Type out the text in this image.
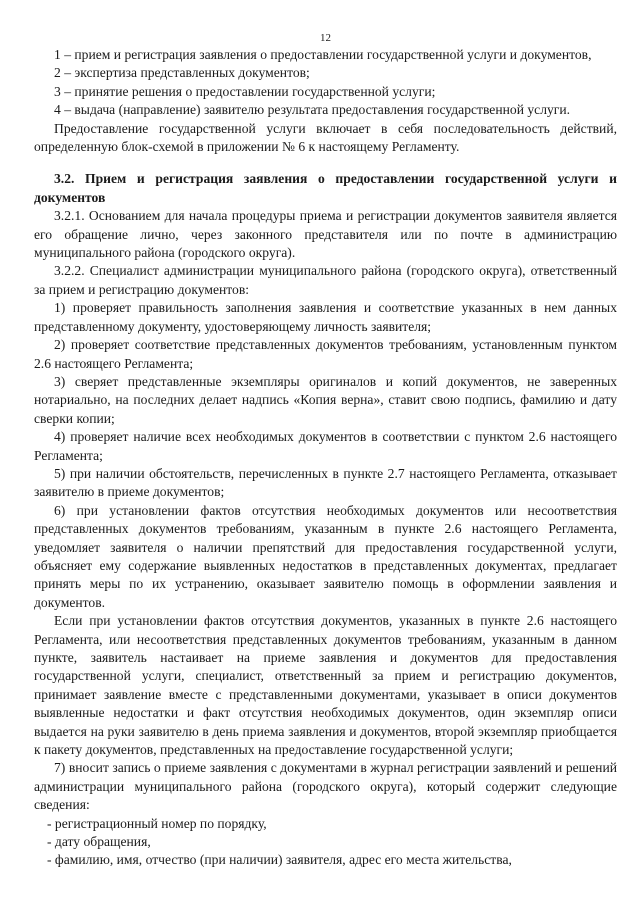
12

1 – прием и регистрация заявления о предоставлении государственной услуги и документов,

2 – экспертиза представленных документов;

3 – принятие решения о предоставлении государственной услуги;

4 – выдача (направление) заявителю результата предоставления государственной услуги.

Предоставление государственной услуги включает в себя последовательность действий, определенную блок-схемой в приложении № 6 к настоящему Регламенту.

3.2. Прием и регистрация заявления о предоставлении государственной услуги и документов

3.2.1. Основанием для начала процедуры приема и регистрации документов заявителя является его обращение лично, через законного представителя или по почте в администрацию муниципального района (городского округа).

3.2.2. Специалист администрации муниципального района (городского округа), ответственный за прием и регистрацию документов:

1) проверяет правильность заполнения заявления и соответствие указанных в нем данных представленному документу, удостоверяющему личность заявителя;

2) проверяет соответствие представленных документов требованиям, установленным пунктом 2.6 настоящего Регламента;

3) сверяет представленные экземпляры оригиналов и копий документов, не заверенных нотариально, на последних делает надпись «Копия верна», ставит свою подпись, фамилию и дату сверки копии;

4) проверяет наличие всех необходимых документов в соответствии с пунктом 2.6 настоящего Регламента;

5) при наличии обстоятельств, перечисленных в пункте 2.7 настоящего Регламента, отказывает заявителю в приеме документов;

6) при установлении фактов отсутствия необходимых документов или несоответствия представленных документов требованиям, указанным в пункте 2.6 настоящего Регламента, уведомляет заявителя о наличии препятствий для предоставления государственной услуги, объясняет ему содержание выявленных недостатков в представленных документах, предлагает принять меры по их устранению, оказывает заявителю помощь в оформлении заявления и документов.

Если при установлении фактов отсутствия документов, указанных в пункте 2.6 настоящего Регламента, или несоответствия представленных документов требованиям, указанным в данном пункте, заявитель настаивает на приеме заявления и документов для предоставления государственной услуги, специалист, ответственный за прием и регистрацию документов, принимает заявление вместе с представленными документами, указывает в описи документов выявленные недостатки и факт отсутствия необходимых документов, один экземпляр описи выдается на руки заявителю в день приема заявления и документов, второй экземпляр приобщается к пакету документов, представленных на предоставление государственной услуги;

7) вносит запись о приеме заявления с документами в журнал регистрации заявлений и решений администрации муниципального района (городского округа), который содержит следующие сведения:

- регистрационный номер по порядку,

- дату обращения,

- фамилию, имя, отчество (при наличии) заявителя, адрес его места жительства,
